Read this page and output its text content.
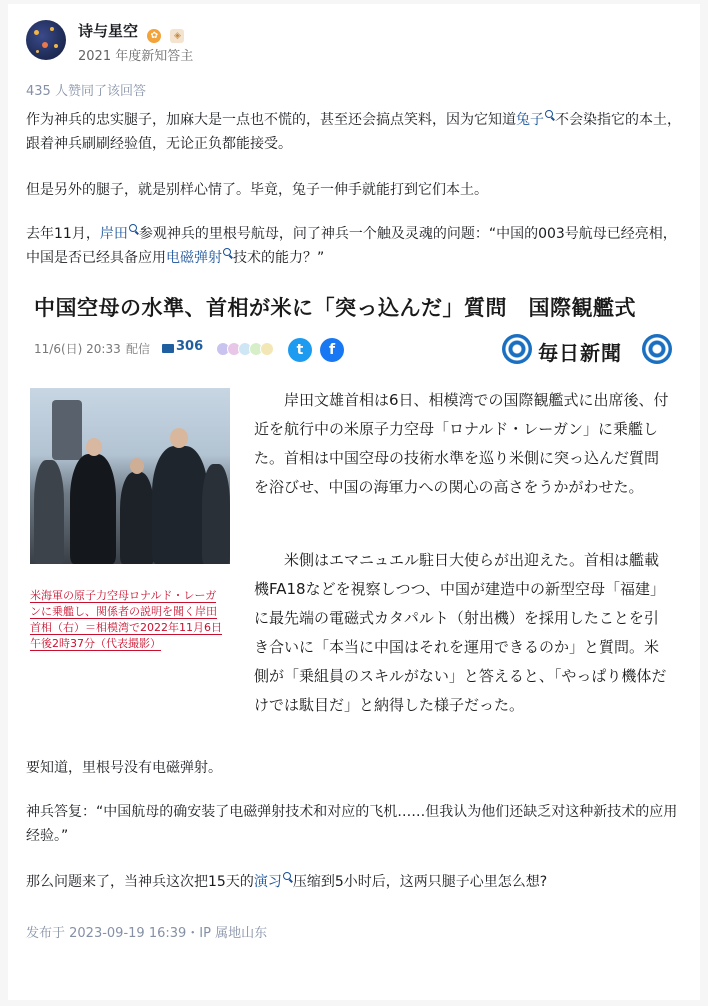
诗与星空 ✿ ◈
2021 年度新知答主
435 人赞同了该回答
作为神兵的忠实腿子，加麻大是一点也不慌的，甚至还会搞点笑料，因为它知道兔子 不会染指它的本土，跟着神兵刷刷经验值，无论正负都能接受。
但是另外的腿子，就是别样心情了。毕竟，兔子一伸手就能打到它们本土。
去年11月，岸田 参观神兵的里根号航母，问了神兵一个触及灵魂的问题：“中国的003号航母已经亮相，中国是否已经具备应用电磁弹射 技术的能力？”
中国空母の水準、首相が米に「突っ込んだ」質問　国際観艦式
11/6(日) 20:33 配信 306	t	f	毎日新聞
米海軍の原子力空母ロナルド・レーガンに乗艦し、関係者の説明を聞く岸田首相（右）＝相模湾で2022年11月6日午後2時37分（代表撮影）
岸田文雄首相は6日、相模湾での国際観艦式に出席後、付近を航行中の米原子力空母「ロナルド・レーガン」に乗艦した。首相は中国空母の技術水準を巡り米側に突っ込んだ質問を浴びせ、中国の海軍力への関心の高さをうかがわせた。
米側はエマニュエル駐日大使らが出迎えた。首相は艦載機FA18などを視察しつつ、中国が建造中の新型空母「福建」に最先端の電磁式カタパルト（射出機）を採用したことを引き合いに「本当に中国はそれを運用できるのか」と質問。米側が「乗組員のスキルがない」と答えると、「やっぱり機体だけでは駄目だ」と納得した様子だった。
要知道，里根号没有电磁弹射。
神兵答复：“中国航母的确安装了电磁弹射技术和对应的飞机……但我认为他们还缺乏对这种新技术的应用经验。”
那么问题来了，当神兵这次把15天的演习 压缩到5小时后，这两只腿子心里怎么想?
发布于 2023-09-19 16:39・IP 属地山东
